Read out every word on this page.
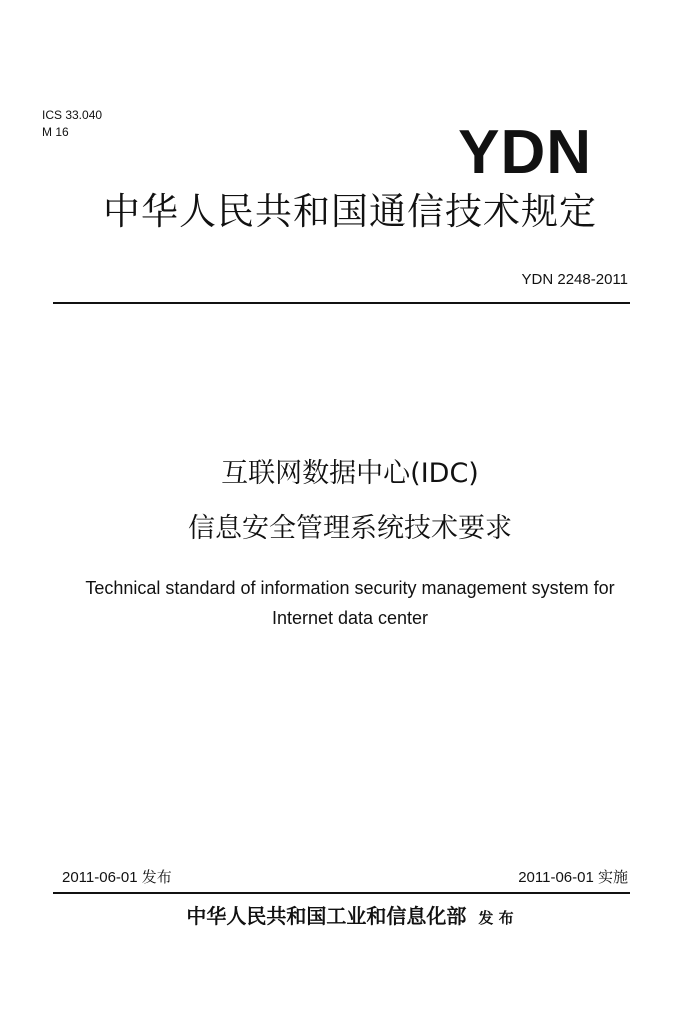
ICS 33.040
M 16	YDN
中华人民共和国通信技术规定
YDN 2248-2011
互联网数据中心(IDC)
信息安全管理系统技术要求
Technical standard of information security management system for
Internet data center
2011-06-01 发布	2011-06-01 实施
中华人民共和国工业和信息化部 发 布
